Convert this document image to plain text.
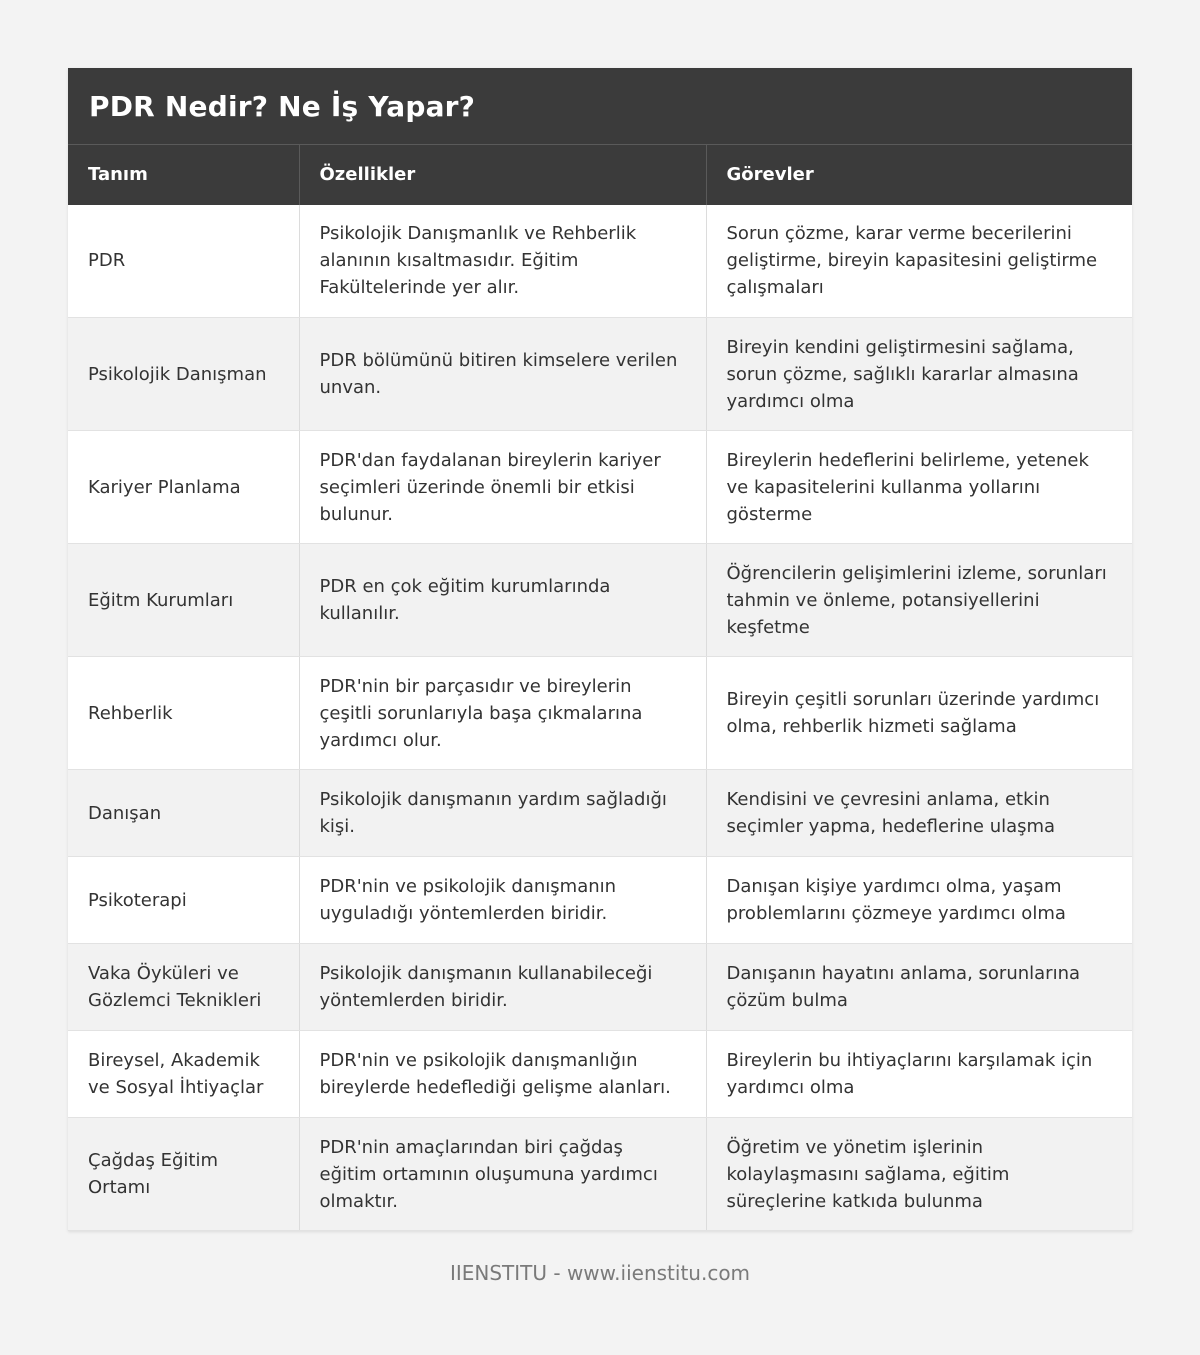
PDR Nedir? Ne İş Yapar?
Tanım	Özellikler	Görevler
PDR	Psikolojik Danışmanlık ve Rehberlik alanının kısaltmasıdır. Eğitim Fakültelerinde yer alır.	Sorun çözme, karar verme becerilerini geliştirme, bireyin kapasitesini geliştirme çalışmaları
Psikolojik Danışman	PDR bölümünü bitiren kimselere verilen unvan.	Bireyin kendini geliştirmesini sağlama, sorun çözme, sağlıklı kararlar almasına yardımcı olma
Kariyer Planlama	PDR'dan faydalanan bireylerin kariyer seçimleri üzerinde önemli bir etkisi bulunur.	Bireylerin hedeflerini belirleme, yetenek ve kapasitelerini kullanma yollarını gösterme
Eğitm Kurumları	PDR en çok eğitim kurumlarında kullanılır.	Öğrencilerin gelişimlerini izleme, sorunları tahmin ve önleme, potansiyellerini keşfetme
Rehberlik	PDR'nin bir parçasıdır ve bireylerin çeşitli sorunlarıyla başa çıkmalarına yardımcı olur.	Bireyin çeşitli sorunları üzerinde yardımcı olma, rehberlik hizmeti sağlama
Danışan	Psikolojik danışmanın yardım sağladığı kişi.	Kendisini ve çevresini anlama, etkin seçimler yapma, hedeflerine ulaşma
Psikoterapi	PDR'nin ve psikolojik danışmanın uyguladığı yöntemlerden biridir.	Danışan kişiye yardımcı olma, yaşam problemlarını çözmeye yardımcı olma
Vaka Öyküleri ve Gözlemci Teknikleri	Psikolojik danışmanın kullanabileceği yöntemlerden biridir.	Danışanın hayatını anlama, sorunlarına çözüm bulma
Bireysel, Akademik ve Sosyal İhtiyaçlar	PDR'nin ve psikolojik danışmanlığın bireylerde hedeflediği gelişme alanları.	Bireylerin bu ihtiyaçlarını karşılamak için yardımcı olma
Çağdaş Eğitim Ortamı	PDR'nin amaçlarından biri çağdaş eğitim ortamının oluşumuna yardımcı olmaktır.	Öğretim ve yönetim işlerinin kolaylaşmasını sağlama, eğitim süreçlerine katkıda bulunma
IIENSTITU - www.iienstitu.com
